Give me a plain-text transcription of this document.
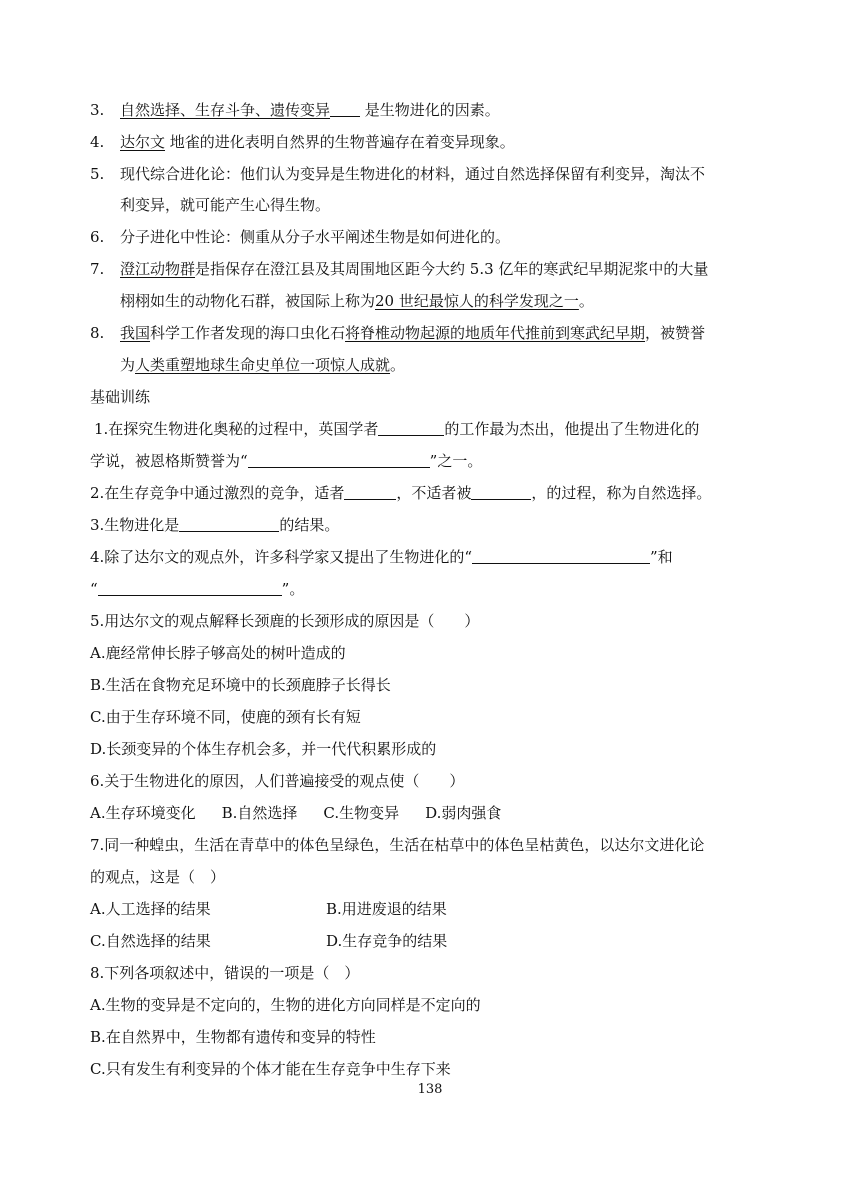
3. 自然选择、生存斗争、遗传变异 是生物进化的因素。
4. 达尔文 地雀的进化表明自然界的生物普遍存在着变异现象。
5. 现代综合进化论：他们认为变异是生物进化的材料，通过自然选择保留有利变异，淘汰不
利变异，就可能产生心得生物。
6. 分子进化中性论：侧重从分子水平阐述生物是如何进化的。
7. 澄江动物群是指保存在澄江县及其周围地区距今大约 5.3 亿年的寒武纪早期泥浆中的大量
栩栩如生的动物化石群，被国际上称为20 世纪最惊人的科学发现之一。
8. 我国科学工作者发现的海口虫化石将脊椎动物起源的地质年代推前到寒武纪早期，被赞誉
为人类重塑地球生命史单位一项惊人成就。
基础训练
1.在探究生物进化奥秘的过程中，英国学者	的工作最为杰出，他提出了生物进化的
学说，被恩格斯赞誉为“	”之一。
2.在生存竞争中通过激烈的竞争，适者	，不适者被	，的过程，称为自然选择。
3.生物进化是	的结果。
4.除了达尔文的观点外，许多科学家又提出了生物进化的“	”和
“	”。
5.用达尔文的观点解释长颈鹿的长颈形成的原因是（　　）
A.鹿经常伸长脖子够高处的树叶造成的
B.生活在食物充足环境中的长颈鹿脖子长得长
C.由于生存环境不同，使鹿的颈有长有短
D.长颈变异的个体生存机会多，并一代代积累形成的
6.关于生物进化的原因，人们普遍接受的观点使（　　）
A.生存环境变化 B.自然选择 C.生物变异 D.弱肉强食
7.同一种蝗虫，生活在青草中的体色呈绿色，生活在枯草中的体色呈枯黄色，以达尔文进化论
的观点，这是（　）
A.人工选择的结果	B.用进废退的结果
C.自然选择的结果	D.生存竞争的结果
8.下列各项叙述中，错误的一项是（　）
A.生物的变异是不定向的，生物的进化方向同样是不定向的
B.在自然界中，生物都有遗传和变异的特性
C.只有发生有利变异的个体才能在生存竞争中生存下来
138
